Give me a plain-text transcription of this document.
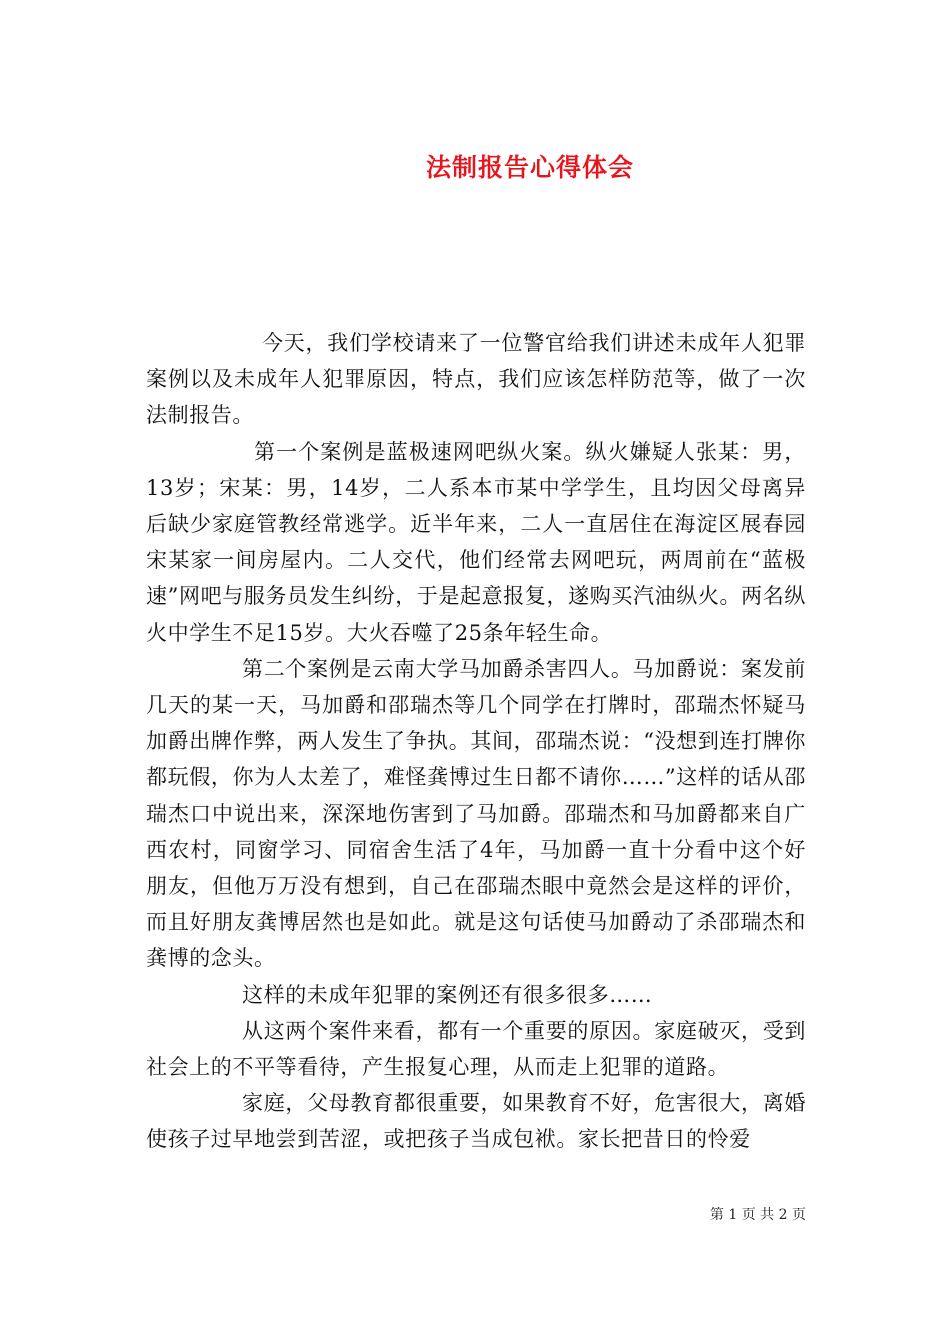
法制报告心得体会

今天，我们学校请来了一位警官给我们讲述未成年人犯罪案例以及未成年人犯罪原因，特点，我们应该怎样防范等，做了一次法制报告。

第一个案例是蓝极速网吧纵火案。纵火嫌疑人张某：男，13岁；宋某：男，14岁，二人系本市某中学学生，且均因父母离异后缺少家庭管教经常逃学。近半年来，二人一直居住在海淀区展春园宋某家一间房屋内。二人交代，他们经常去网吧玩，两周前在“蓝极速”网吧与服务员发生纠纷，于是起意报复，遂购买汽油纵火。两名纵火中学生不足15岁。大火吞噬了25条年轻生命。

第二个案例是云南大学马加爵杀害四人。马加爵说：案发前几天的某一天，马加爵和邵瑞杰等几个同学在打牌时，邵瑞杰怀疑马加爵出牌作弊，两人发生了争执。其间，邵瑞杰说：“没想到连打牌你都玩假，你为人太差了，难怪龚博过生日都不请你……”这样的话从邵瑞杰口中说出来，深深地伤害到了马加爵。邵瑞杰和马加爵都来自广西农村，同窗学习、同宿舍生活了4年，马加爵一直十分看中这个好朋友，但他万万没有想到，自己在邵瑞杰眼中竟然会是这样的评价，而且好朋友龚博居然也是如此。就是这句话使马加爵动了杀邵瑞杰和龚博的念头。

这样的未成年犯罪的案例还有很多很多……

从这两个案件来看，都有一个重要的原因。家庭破灭，受到社会上的不平等看待，产生报复心理，从而走上犯罪的道路。

家庭，父母教育都很重要，如果教育不好，危害很大，离婚使孩子过早地尝到苦涩，或把孩子当成包袱。家长把昔日的怜爱

第 1 页 共 2 页
